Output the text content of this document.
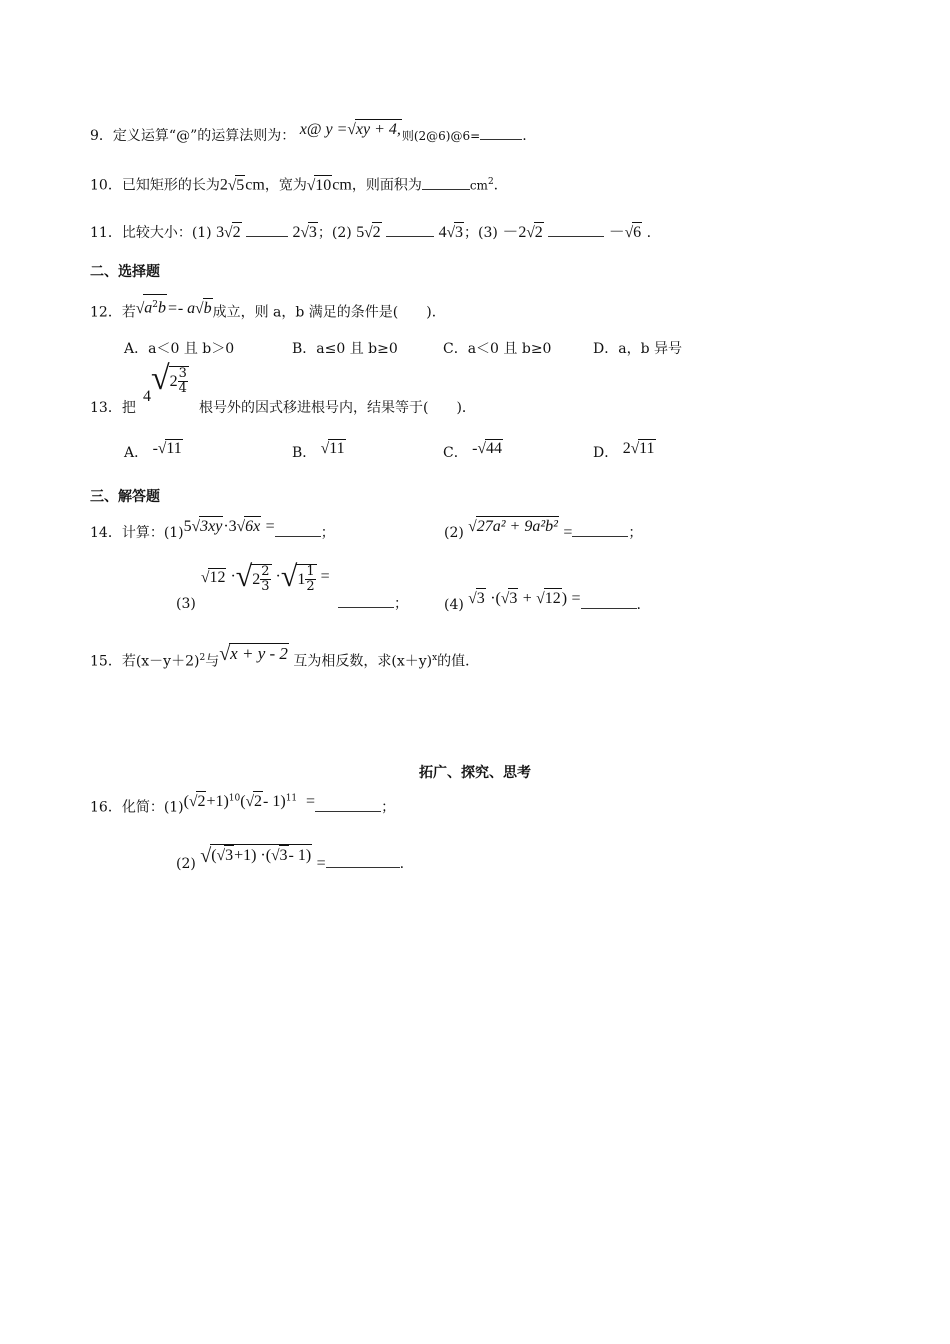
9．定义运算“@”的运算法则为： x@ y = √ xy + 4, 则(2@6)@6=	.
10．已知矩形的长为2 √ 5 cm，宽为 √ 10 cm，则面积为	$cm^2$.
11．比较大小：(1) 3 √ 2	2 √ 3 ；(2) 5 √ 2	4 √ 3 ；(3) －2 √ 2	－ √ 6 .
二、选择题
12．若 √ $a^2b =- a$ √ b 成立，则 a，b 满足的条件是(　　)．
A．a＜0 且 b＞0	B．a≤0 且 b≥0	C．a＜0 且 b≥0	D．a，b 异号
13．把
4 √ $2 \frac{3}{4}$
根号外的因式移进根号内，结果等于(　　)．
A． - √ 11	B． √ 11	C． - √ 44	D． 2 √ 11
三、解答题
14．计算：(1)5 √ 3xy ·3 √ 6x =	；	(2) √ 27a² + 9a²b² =	；
(3)
√ 12 · √ $2 \frac{2}{3}$ · √ $1 \frac{1}{2}$ =
；	(4) √ 3 ·( √ 3 + √ 12 ) =	.
15．若$(x-y+2)^2$与 √ x + y - 2 互为相反数，求$(x+y)^x$的值．
拓广、探究、思考
16．化简：(1)( √ 2 +1)$^{10}$( √ 2 - 1)$^{11}$ =	；
(2) √ ( √ 3 +1) ·( √ 3 - 1) =	.
